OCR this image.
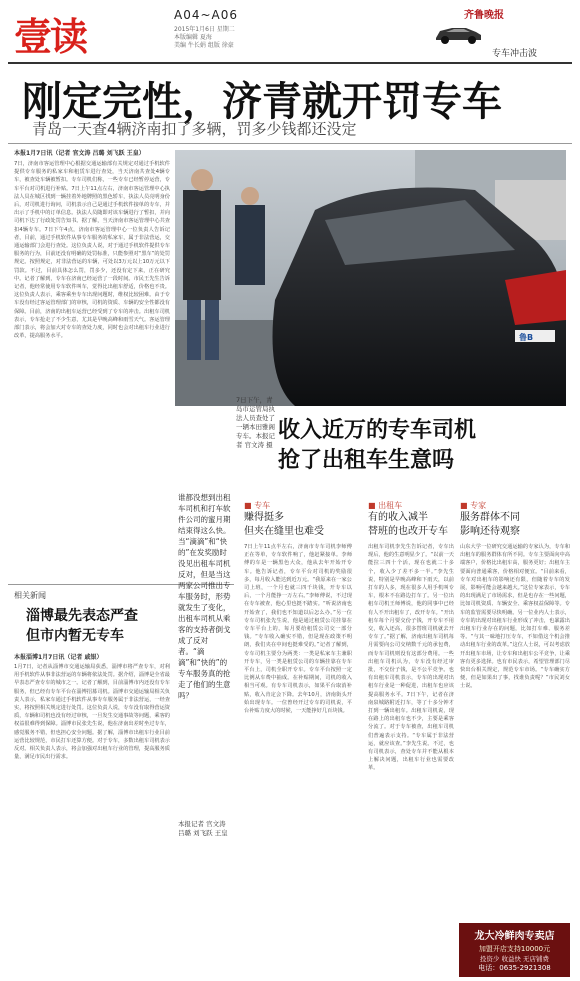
壹读	A04~A06
2015年1月6日 星期二
本版编辑 夏海
美编 牛长娟 组版 徐豪
齐鲁晚报
专车冲击波
刚定完性，济青就开罚专车
青岛一天查4辆济南扣了多辆，罚多少钱都还没定
本报1月7日讯（记者 官文涛 吕璐 刘飞跃 王皇）
7日，济南市客运管理中心根据交通运输部有关规定对通过手机软件提供专车服务的私家车和租赁车进行查处，当天济南共查处4辆专车，被查处车辆被暂扣。专车司机们称，一些专车已经暂停运营，专车平台对司机进行补贴。7日上午11点左右，济南市客运管理中心执法人员在城区找到一辆挂着外地牌照的黑色轿车，执法人员亮明身份后，对司机进行询问，司机表示自己是通过手机软件接单的专车，并出示了手机中的订单信息。执法人员随即对该车辆进行了暂扣，并向司机下达了行政处罚告知书。据了解，当天济南市客运管理中心共查扣4辆专车。7日下午4点，济南市客运管理中心一位负责人告诉记者，目前，通过手机软件从事专车服务的私家车，属于非法营运，交通运输部门会进行查处。这位负责人说，对于通过手机软件提供专车服务的行为，目前还没有明确的处罚标准，只能参照对“黑车”的处罚规定。按照规定，对非法营运的车辆，可处以3万元以上10万元以下罚款。不过，目前具体怎么罚，罚多少，还没有定下来，正在研究中。记者了解到，专车在济南已经运营了一段时间。市民王先生告诉记者，他经常使用专车软件叫车，觉得比出租车舒适，价格也不贵。这位负责人表示，乘客乘坐专车出现问题时，维权比较困难。由于专车没有经过客运管理部门的审核，司机的资质、车辆的安全性都没有保障。目前，济南的出租车运营已经受到了专车的冲击。出租车司机表示，专车抢走了不少生意，尤其是早晚高峰和雨雪天气。客运管理部门表示，将会加大对专车的查处力度，同时也会对出租车行业进行改革，提高服务水平。	鲁B
7日下午，青岛市运管局执法人员查处了一辆本田雅阁专车。本报记者 官文涛 摄
收入近万的专车司机
抢了出租车生意吗
谁都没想到出租车司机和打车软件公司的蜜月期结束得这么快。当“滴滴”和“快的”在发奖励时没见出租车司机反对，但是当这两家公司推出专车服务时，形势就发生了变化，出租车司机从乘客的支持者倒戈成了反对者。“滴滴”和“快的”的专车服务真的抢走了他们的生意吗？
本报记者 官文涛 吕璐 刘飞跃 王皇
■ 专车
赚得挺多
但夹在缝里也难受
7日上午11点半左右，济南市专车司机李师傅正在等单，专车软件响了，他赶紧接单。李师傅的车是一辆黑色大众，他从去年开始开专车。他告诉记者，专车平台对司机的奖励很多，每月收入能达到近万元。“我原来在一家公司上班，一个月也就三四千块钱，开专车以后，一个月能挣一万左右。”李师傅说，不过现在专车被查，他心里也挺不踏实。“听说济南也开始查了，我们也不知道以后怎么办。”另一位专车司机张先生说，他是通过租赁公司挂靠在专车平台上的，每月要给租赁公司交一部分钱。“专车收入确实不错，但是现在政策不明朗，我们夹在中间也挺难受的。”记者了解到，专车司机主要分为两类：一类是私家车主兼职开专车，另一类是租赁公司的车辆挂靠在专车平台上，司机全职开专车。专车平台按照一定比例从车费中抽成。在补贴期间，司机的收入相当可观。有专车司机表示，如果平台取消补贴，收入肯定会下降。去年10月，济南街头开始出现专车。一位曾经开过专车的司机说，平台补贴力度大的时候，一天能挣好几百块钱。
■ 出租车
有的收入减半
替班的也改开专车
出租车司机李先生告诉记者，专车出现后，他的生意明显少了。“以前一天能拉三四十个活，现在也就二十多个，收入少了差不多一半。”李先生说，特别是早晚高峰和下雨天，以前打车的人多，现在很多人用手机叫专车，根本不在路边打车了。另一位出租车司机王师傅说，他的同事中已经有人不开出租车了，改开专车。“开出租车每个月要交份子钱，开专车不用交，收入还高，很多替班司机就去开专车了。”据了解，济南出租车司机每月需要向公司交纳数千元的承包费，而专车司机则没有这部分费用。一些出租车司机认为，专车没有经过审批，不交份子钱，是不公平竞争。也有出租车司机表示，专车的出现对出租车行业是一种促进，出租车也应该提高服务水平。7日下午，记者在济南泉城路附近打车，等了十多分钟才打到一辆出租车。出租车司机说，现在路上的出租车也不少，主要是乘客分流了。对于专车被查，出租车司机们普遍表示支持。“专车属于非法营运，就应该查。”李先生说。不过，也有司机表示，查处专车并不能从根本上解决问题，出租车行业也需要改革。
■ 专家
服务群体不同
影响还待观察
山东大学一位研究交通运输的专家认为，专车和出租车的服务群体有所不同。专车主要面向中高端客户，价格比出租车高，服务更好；出租车主要面向普通乘客，价格相对便宜。“目前来看，专车对出租车的影响还有限，但随着专车的发展，影响可能会越来越大。”这位专家表示，专车的出现满足了市场需求，但是也存在一些问题，比如司机资质、车辆安全、乘客权益保障等。专车的监管需要尽快明确。另一位业内人士表示，专车的出现对出租车行业形成了冲击，也暴露出出租车行业存在的问题，比如打车难、服务差等。“与其一味地打压专车，不如借这个机会推动出租车行业的改革。”这位人士说，可以考虑放开出租车市场，让专车和出租车公平竞争，让乘客有更多选择。也有市民表示，希望管理部门尽快出台相关规定，规范专车市场。“专车确实方便，但是如果出了事，找谁负责呢？”市民刘女士说。
相关新闻
淄博最先表态严查
但市内暂无专车
本报淄博1月7日讯（记者 戚银）
1月7日，记者从淄博市交通运输局获悉，淄博市将严查专车，对利用手机软件从事非法营运的车辆将依法处罚。据介绍，淄博是全省最早表态严查专车的城市之一。记者了解到，目前淄博市内还没有专车服务，但已经有专车平台在淄博招募司机。淄博市交通运输局相关负责人表示，私家车通过手机软件从事专车服务属于非法营运，一经查实，将按照相关规定进行处罚。这位负责人说，专车没有取得营运资质，车辆和司机也没有经过审核，一旦发生交通事故等问题，乘客的权益很难得到保障。淄博市民张先生说，他在济南出差时坐过专车，感觉服务不错，但也担心安全问题。据了解，淄博市出租车行业目前运营比较规范，市民打车还算方便。对于专车，多数出租车司机表示反对。相关负责人表示，将会加强对出租车行业的管理，提高服务质量，满足市民出行需求。
龙大冷鲜肉专卖店
加盟开店支持10000元
投资少 收益快 无店铺费
电话：0635-2921308
